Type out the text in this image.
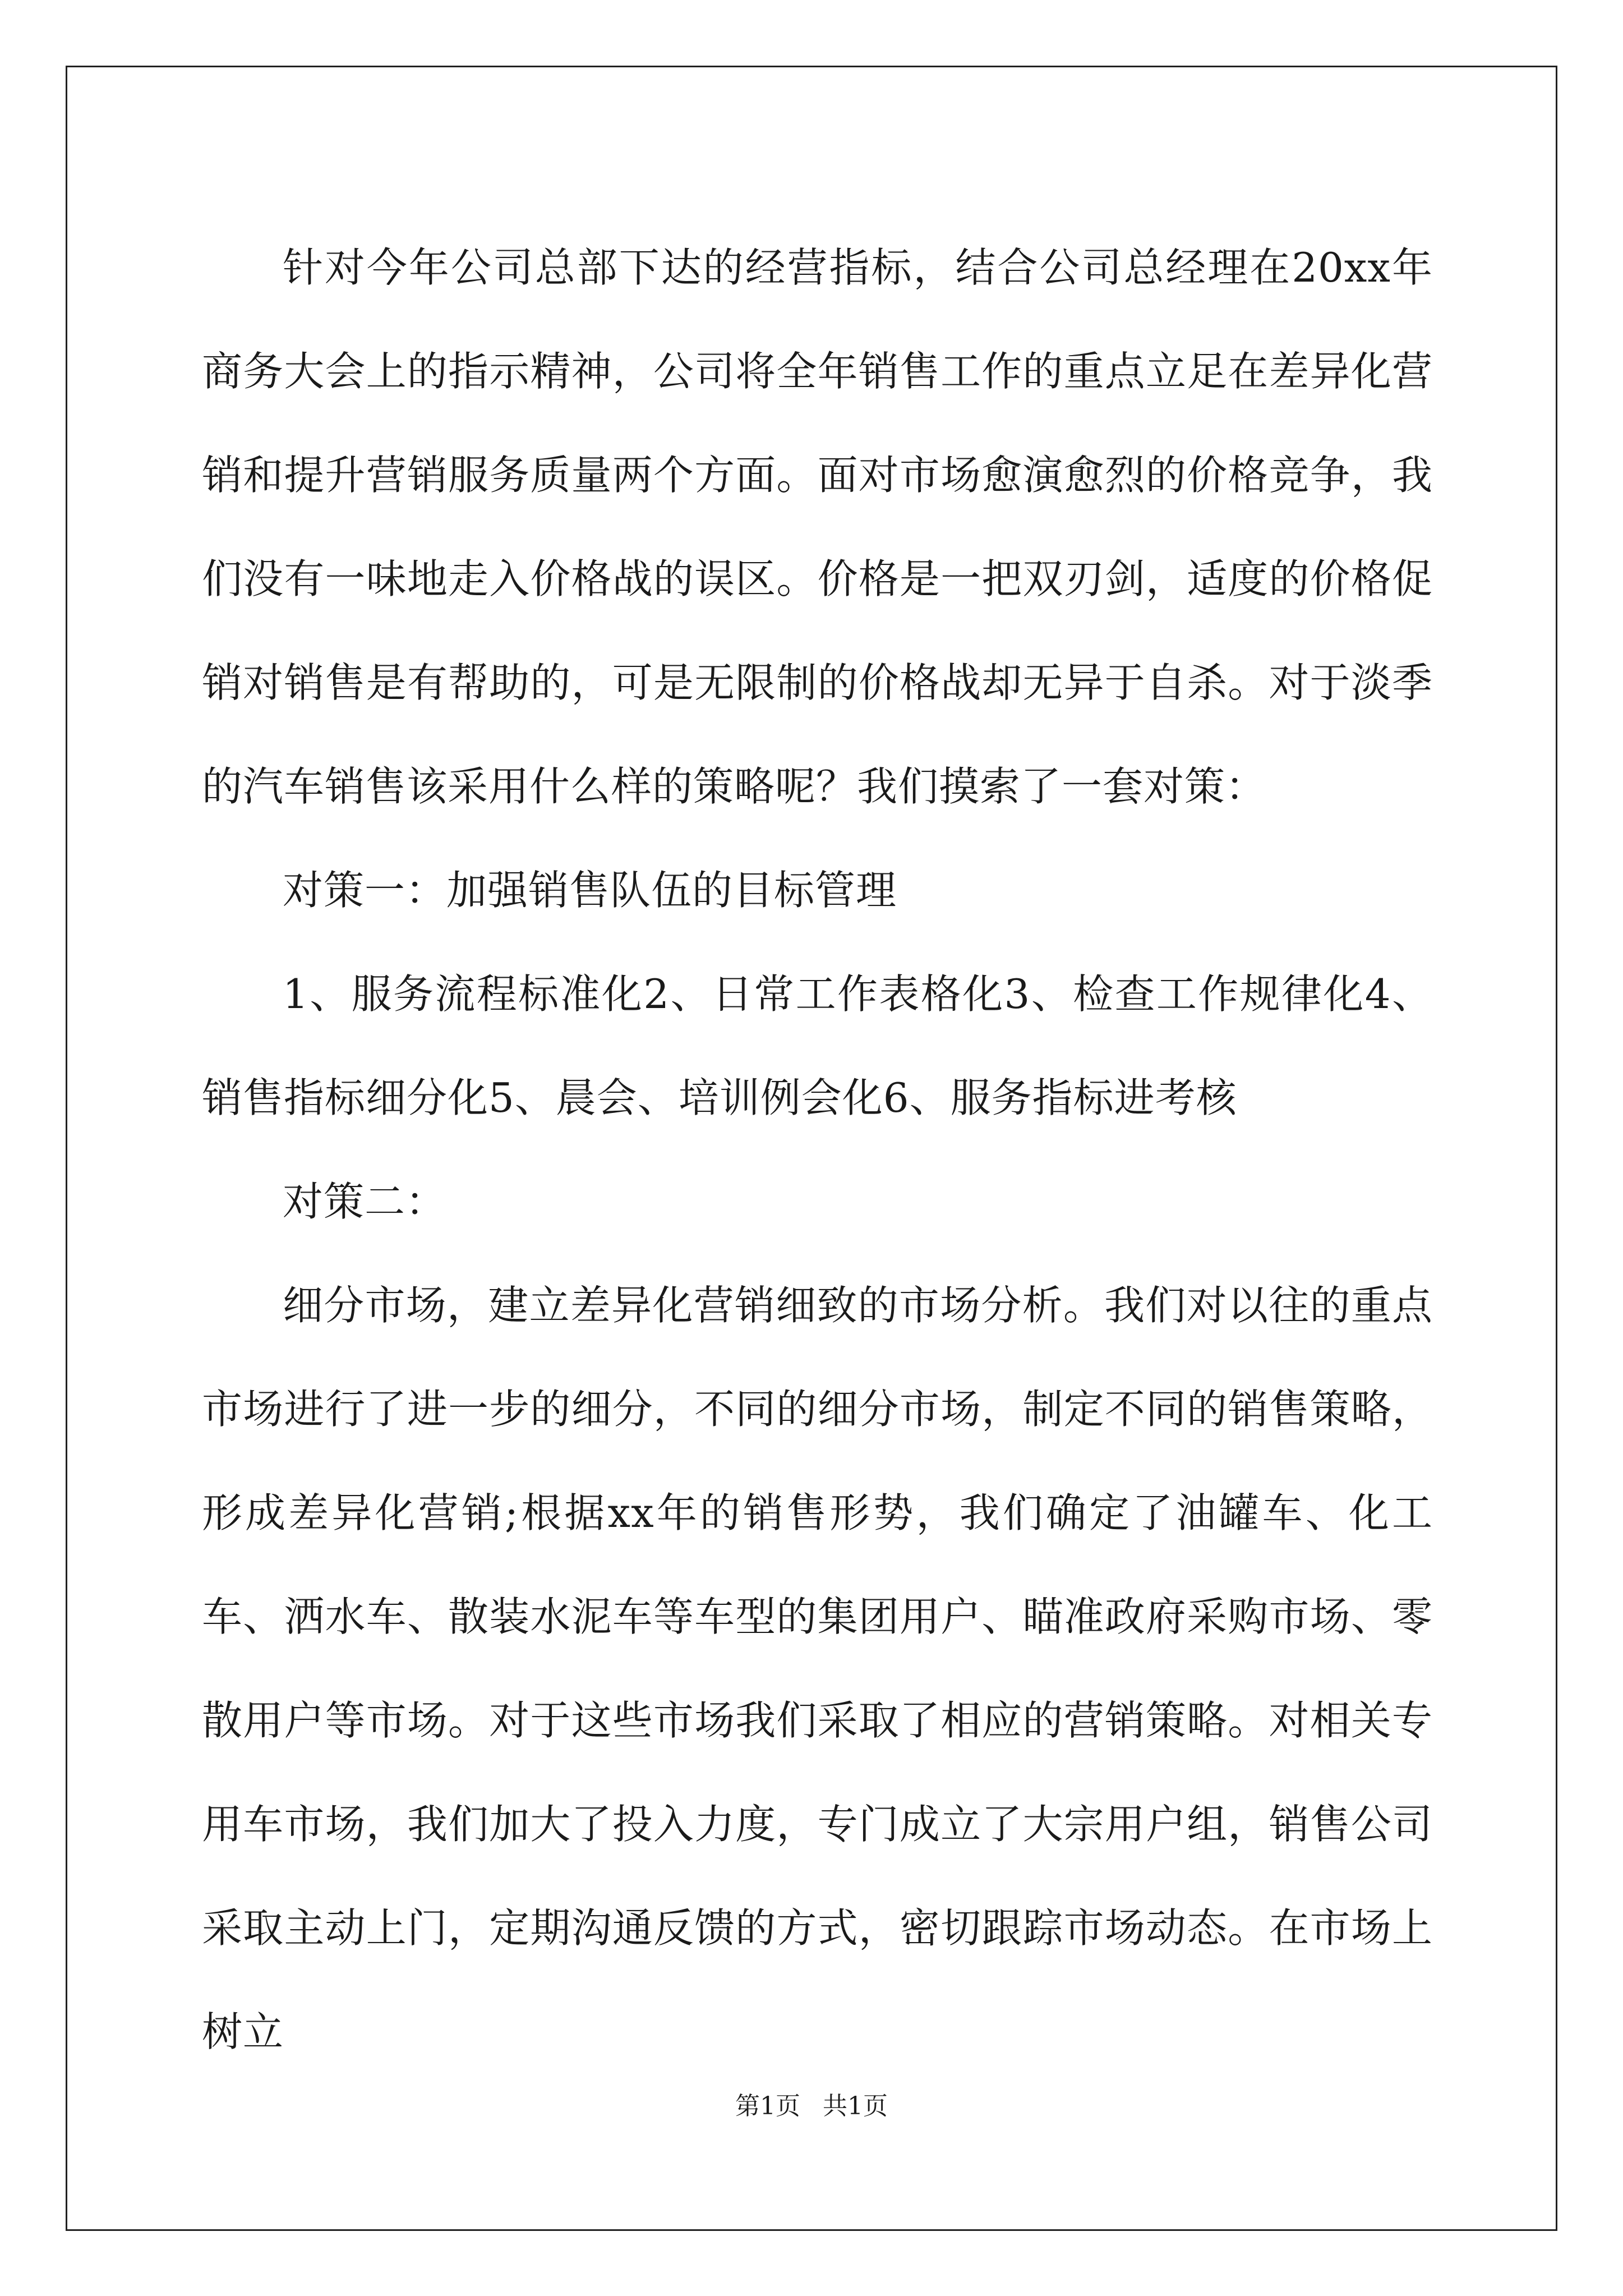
针对今年公司总部下达的经营指标，结合公司总经理在20xx年商务大会上的指示精神，公司将全年销售工作的重点立足在差异化营销和提升营销服务质量两个方面。面对市场愈演愈烈的价格竞争，我们没有一味地走入价格战的误区。价格是一把双刃剑，适度的价格促销对销售是有帮助的，可是无限制的价格战却无异于自杀。对于淡季的汽车销售该采用什么样的策略呢？我们摸索了一套对策：

对策一：加强销售队伍的目标管理

1、服务流程标准化2、日常工作表格化3、检查工作规律化4、销售指标细分化5、晨会、培训例会化6、服务指标进考核

对策二：

细分市场，建立差异化营销细致的市场分析。我们对以往的重点市场进行了进一步的细分，不同的细分市场，制定不同的销售策略，形成差异化营销;根据xx年的销售形势，我们确定了油罐车、化工车、洒水车、散装水泥车等车型的集团用户、瞄准政府采购市场、零散用户等市场。对于这些市场我们采取了相应的营销策略。对相关专用车市场，我们加大了投入力度，专门成立了大宗用户组，销售公司采取主动上门，定期沟通反馈的方式，密切跟踪市场动态。在市场上树立

第1页 共1页
